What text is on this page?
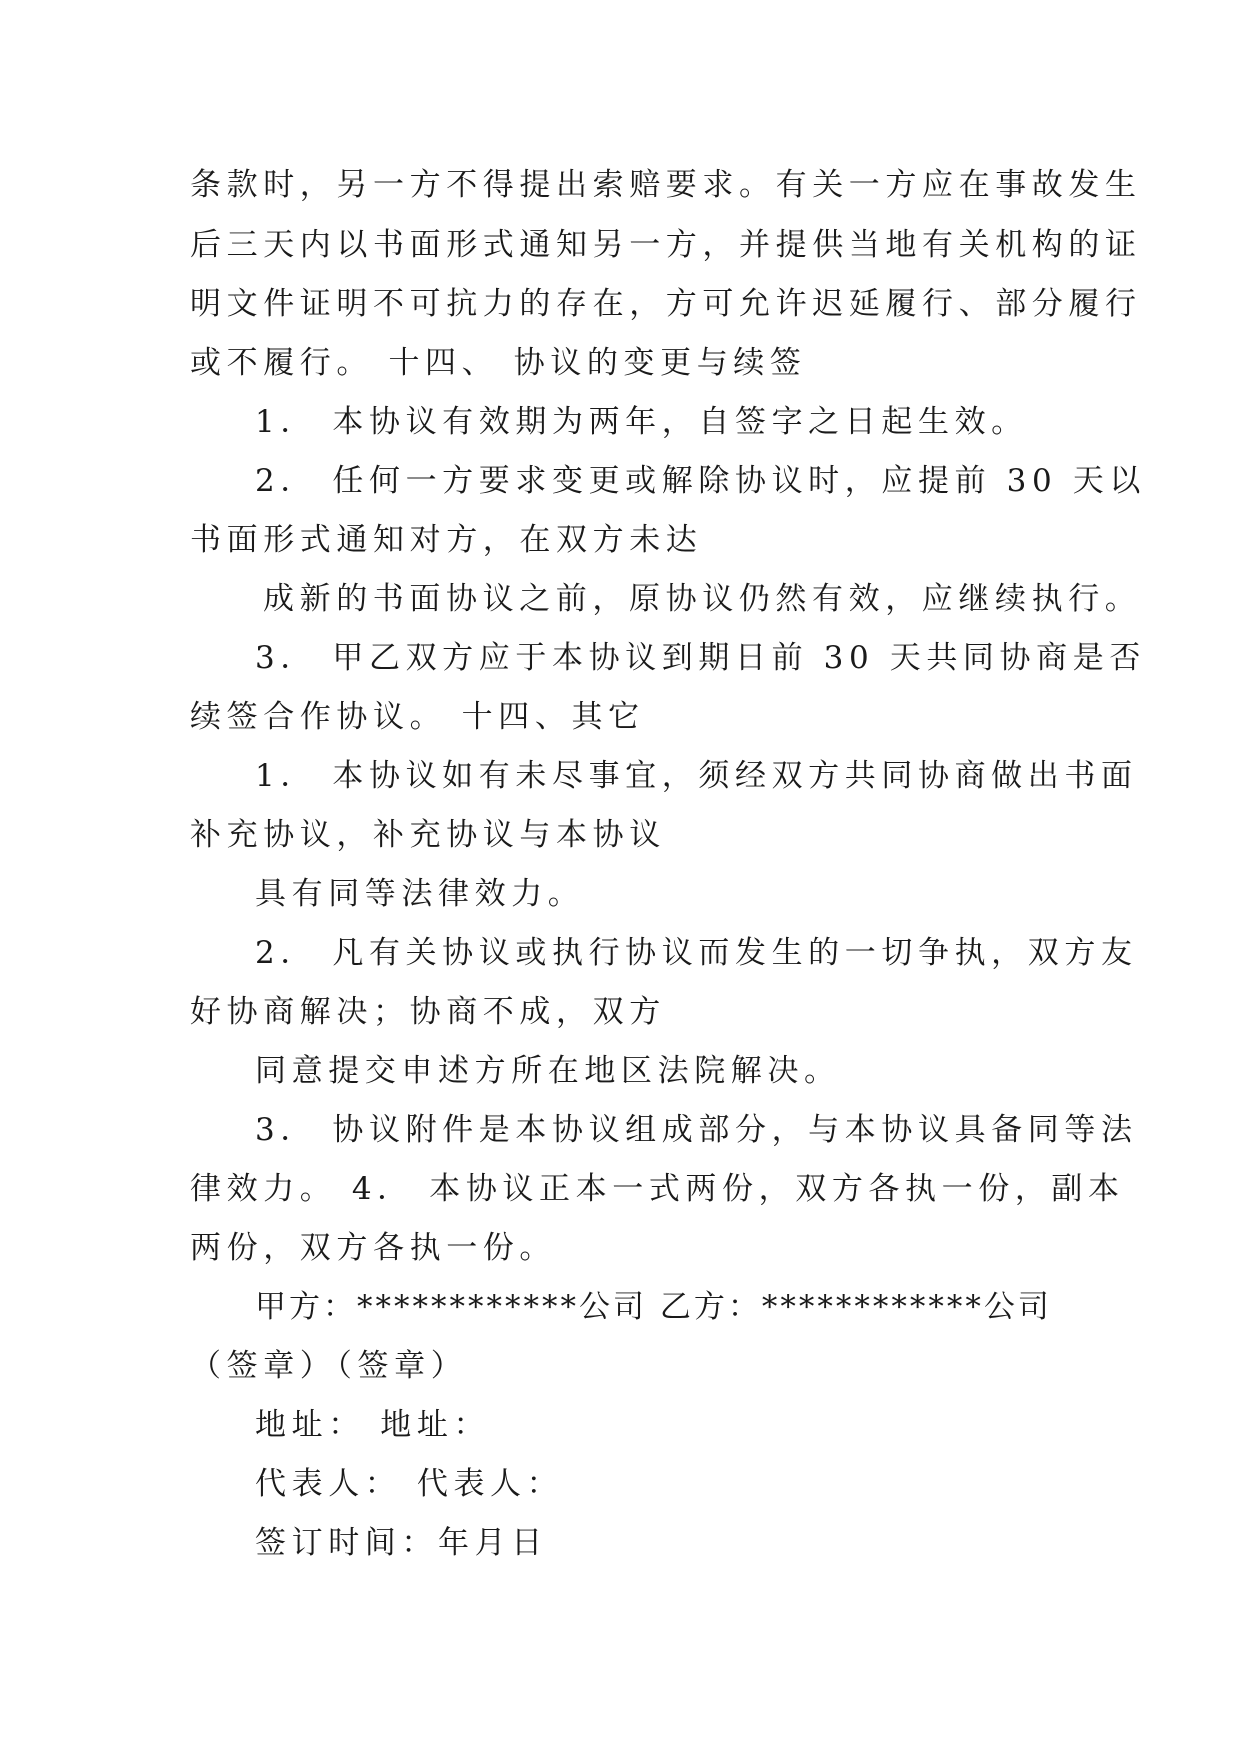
条款时，另一方不得提出索赔要求。有关一方应在事故发生
后三天内以书面形式通知另一方，并提供当地有关机构的证
明文件证明不可抗力的存在，方可允许迟延履行、部分履行
或不履行。 十四、 协议的变更与续签
1． 本协议有效期为两年，自签字之日起生效。
2． 任何一方要求变更或解除协议时，应提前 30 天以
书面形式通知对方，在双方未达
成新的书面协议之前，原协议仍然有效，应继续执行。
3． 甲乙双方应于本协议到期日前 30 天共同协商是否
续签合作协议。 十四、其它
1． 本协议如有未尽事宜，须经双方共同协商做出书面
补充协议，补充协议与本协议
具有同等法律效力。
2． 凡有关协议或执行协议而发生的一切争执，双方友
好协商解决；协商不成，双方
同意提交申述方所在地区法院解决。
3． 协议附件是本协议组成部分，与本协议具备同等法
律效力。 4． 本协议正本一式两份，双方各执一份，副本
两份，双方各执一份。
甲方：************公司 乙方：************公司
（签章）（签章）
地址： 地址：
代表人： 代表人：
签订时间：年月日
